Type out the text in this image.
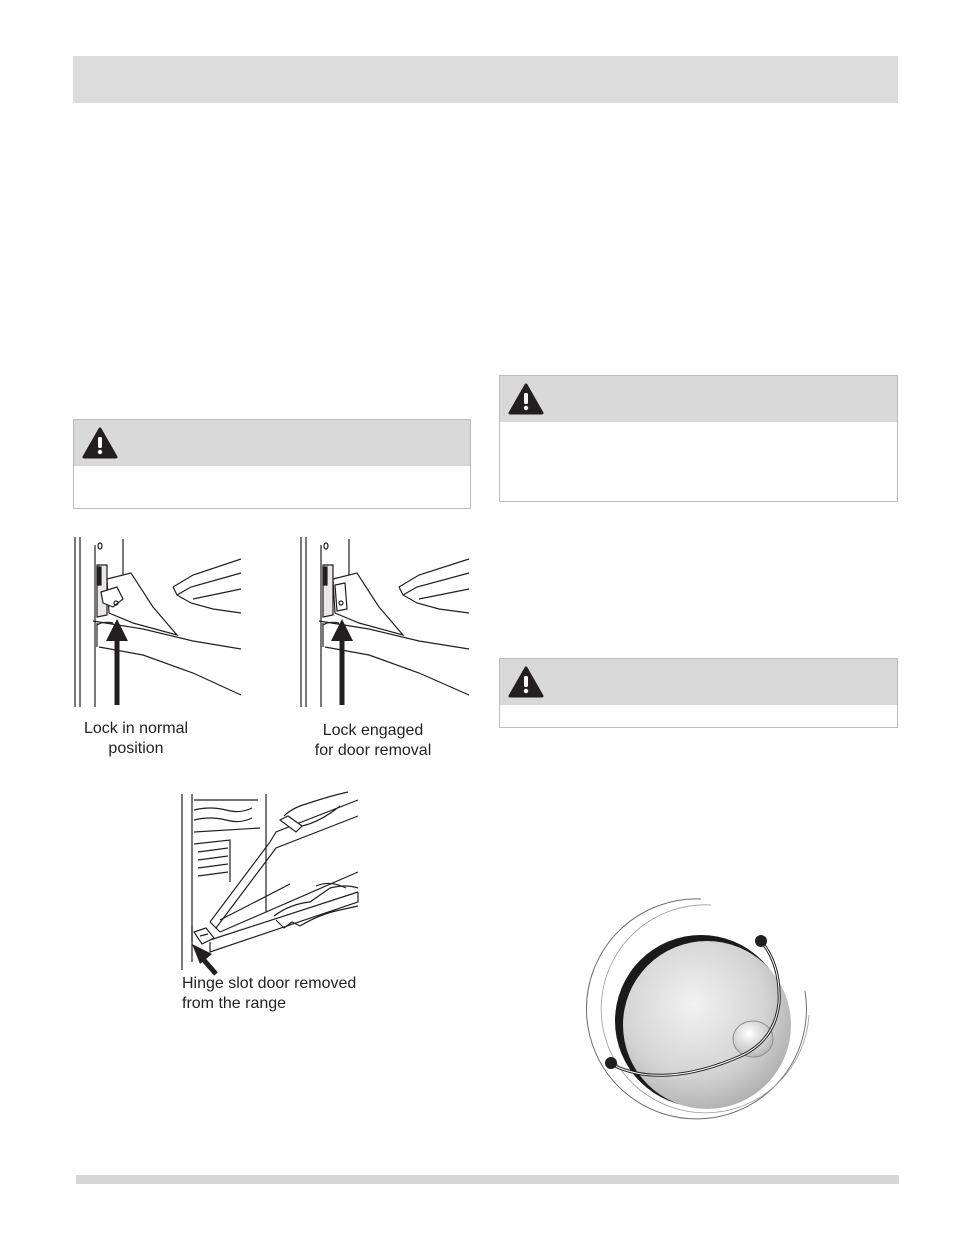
Lock in normal
position
Lock engaged
for door removal
Hinge slot door removed
from the range
